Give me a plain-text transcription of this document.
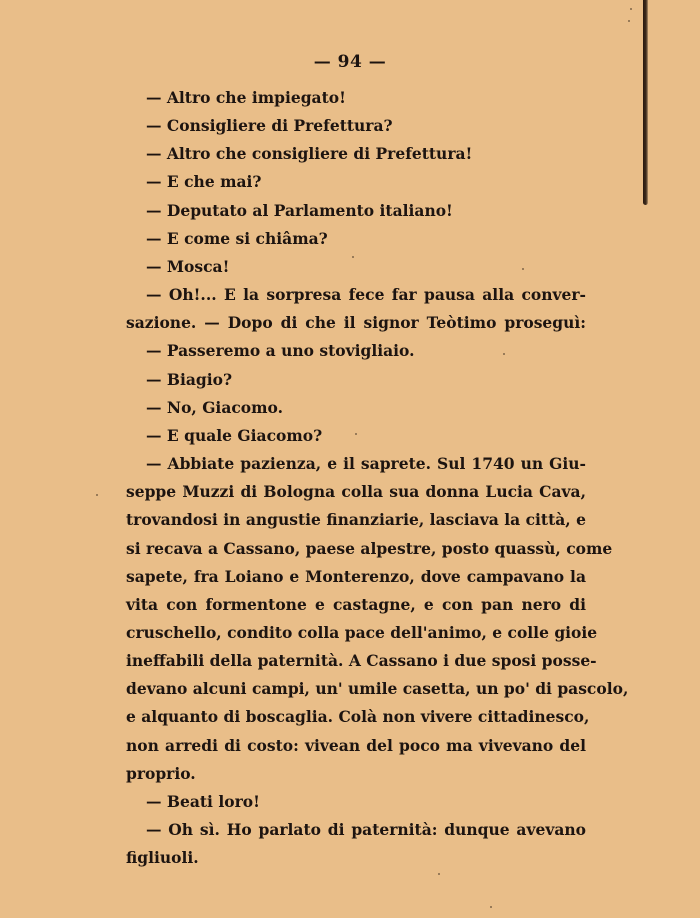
— 94 —
— Altro che impiegato!
— Consigliere di Prefettura?
— Altro che consigliere di Prefettura!
— E che mai?
— Deputato al Parlamento italiano!
— E come si chiâma?
— Mosca!
— Oh!... E la sorpresa fece far pausa alla conver-
sazione. — Dopo di che il signor Teòtimo proseguì:
— Passeremo a uno stovigliaio.
— Biagio?
— No, Giacomo.
— E quale Giacomo?
— Abbiate pazienza, e il saprete. Sul 1740 un Giu-
seppe Muzzi di Bologna colla sua donna Lucia Cava,
trovandosi in angustie finanziarie, lasciava la città, e
si recava a Cassano, paese alpestre, posto quassù, come
sapete, fra Loiano e Monterenzo, dove campavano la
vita con formentone e castagne, e con pan nero di
cruschello, condito colla pace dell'animo, e colle gioie
ineffabili della paternità. A Cassano i due sposi posse-
devano alcuni campi, un' umile casetta, un po' di pascolo,
e alquanto di boscaglia. Colà non vivere cittadinesco,
non arredi di costo: vivean del poco ma vivevano del
proprio.
— Beati loro!
— Oh sì. Ho parlato di paternità: dunque avevano
figliuoli.
